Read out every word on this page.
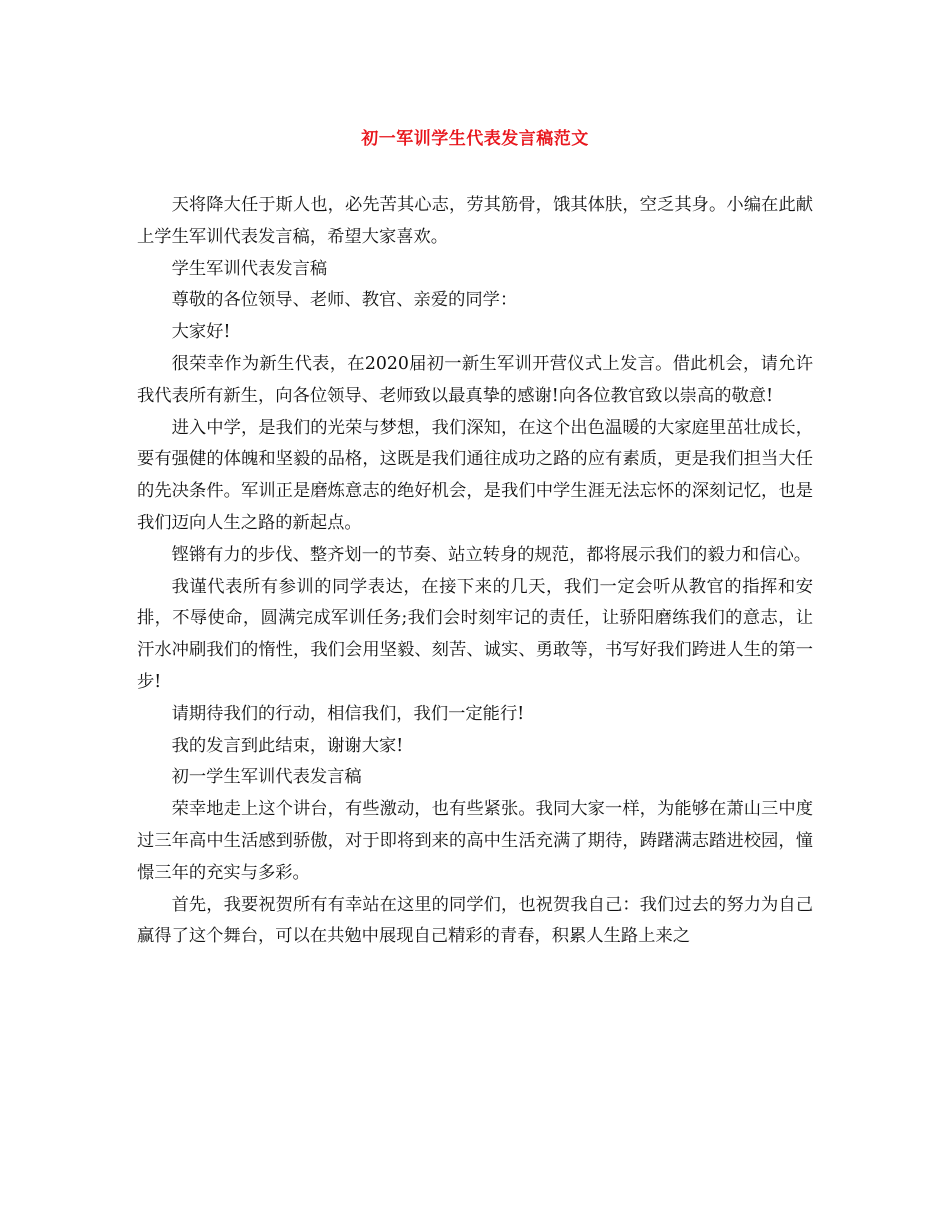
初一军训学生代表发言稿范文

天将降大任于斯人也，必先苦其心志，劳其筋骨，饿其体肤，空乏其身。小编在此献上学生军训代表发言稿，希望大家喜欢。

学生军训代表发言稿

尊敬的各位领导、老师、教官、亲爱的同学：

大家好!

很荣幸作为新生代表，在2020届初一新生军训开营仪式上发言。借此机会，请允许我代表所有新生，向各位领导、老师致以最真挚的感谢!向各位教官致以崇高的敬意!

进入中学，是我们的光荣与梦想，我们深知，在这个出色温暖的大家庭里茁壮成长，要有强健的体魄和坚毅的品格，这既是我们通往成功之路的应有素质，更是我们担当大任的先决条件。军训正是磨炼意志的绝好机会，是我们中学生涯无法忘怀的深刻记忆，也是我们迈向人生之路的新起点。

铿锵有力的步伐、整齐划一的节奏、站立转身的规范，都将展示我们的毅力和信心。

我谨代表所有参训的同学表达，在接下来的几天，我们一定会听从教官的指挥和安排，不辱使命，圆满完成军训任务;我们会时刻牢记的责任，让骄阳磨练我们的意志，让汗水冲刷我们的惰性，我们会用坚毅、刻苦、诚实、勇敢等，书写好我们跨进人生的第一步!

请期待我们的行动，相信我们，我们一定能行!

我的发言到此结束，谢谢大家!

初一学生军训代表发言稿

荣幸地走上这个讲台，有些激动，也有些紧张。我同大家一样，为能够在萧山三中度过三年高中生活感到骄傲，对于即将到来的高中生活充满了期待，踌躇满志踏进校园，憧憬三年的充实与多彩。

首先，我要祝贺所有有幸站在这里的同学们，也祝贺我自己：我们过去的努力为自己赢得了这个舞台，可以在共勉中展现自己精彩的青春，积累人生路上来之
